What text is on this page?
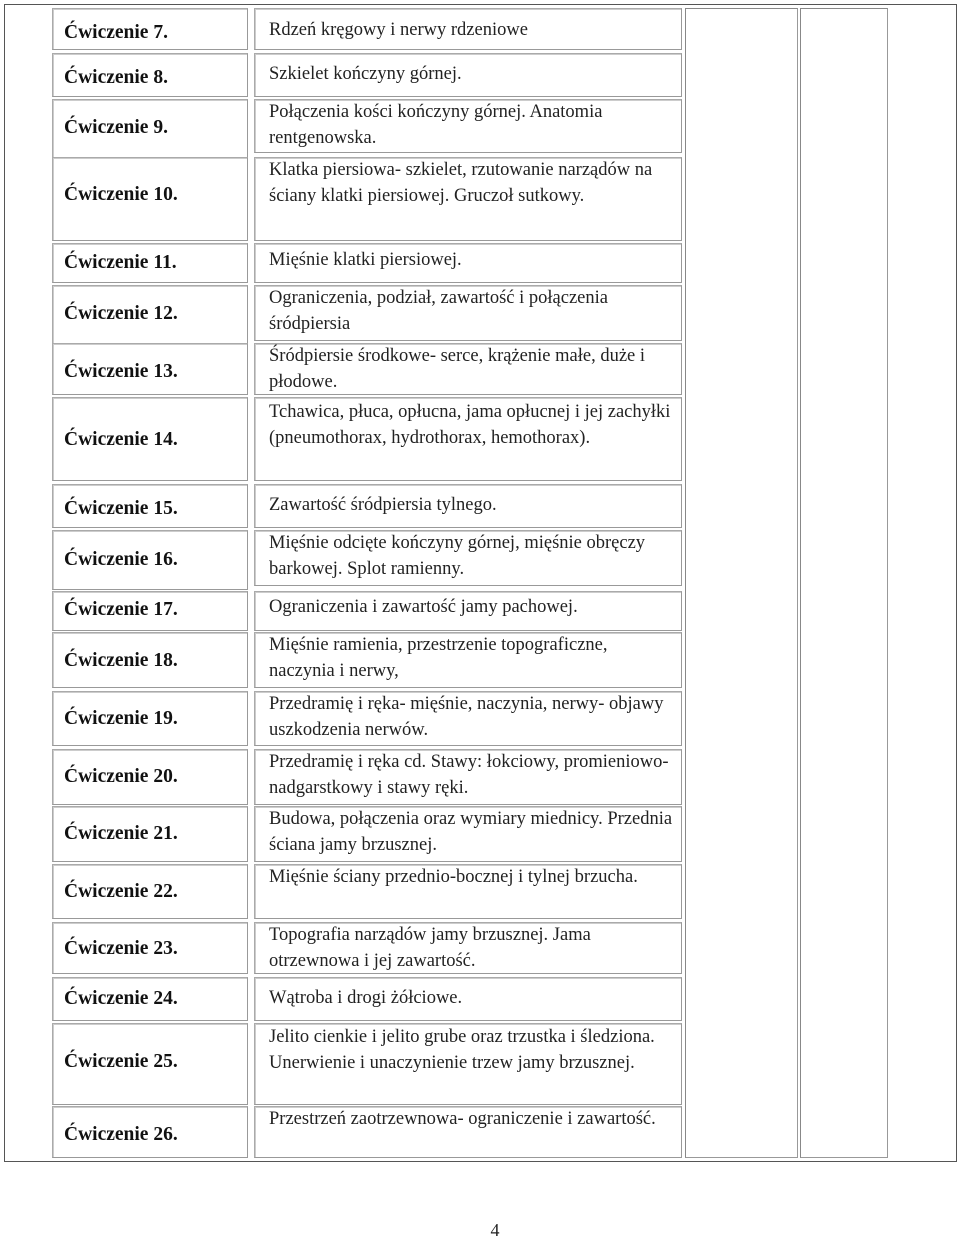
Ćwiczenie 7.
Ćwiczenie 8.
Ćwiczenie 9.
Ćwiczenie 10.
Ćwiczenie 11.
Ćwiczenie 12.
Ćwiczenie 13.
Ćwiczenie 14.
Ćwiczenie 15.
Ćwiczenie 16.
Ćwiczenie 17.
Ćwiczenie 18.
Ćwiczenie 19.
Ćwiczenie 20.
Ćwiczenie 21.
Ćwiczenie 22.
Ćwiczenie 23.
Ćwiczenie 24.
Ćwiczenie 25.
Ćwiczenie 26.
Rdzeń kręgowy i nerwy rdzeniowe
Szkielet kończyny górnej.
Połączenia kości kończyny górnej. Anatomia rentgenowska.
Klatka piersiowa- szkielet, rzutowanie narządów na ściany klatki piersiowej. Gruczoł sutkowy.
Mięśnie klatki piersiowej.
Ograniczenia, podział, zawartość i połączenia śródpiersia
Śródpiersie środkowe- serce, krążenie małe, duże i płodowe.
Tchawica, płuca, opłucna, jama opłucnej i jej zachyłki (pneumothorax, hydrothorax, hemothorax).
Zawartość śródpiersia tylnego.
Mięśnie odcięte kończyny górnej, mięśnie obręczy barkowej. Splot ramienny.
Ograniczenia i zawartość jamy pachowej.
Mięśnie ramienia, przestrzenie topograficzne, naczynia i nerwy,
Przedramię i ręka- mięśnie, naczynia, nerwy- objawy uszkodzenia nerwów.
Przedramię i ręka cd. Stawy: łokciowy, promieniowo-nadgarstkowy i stawy ręki.
Budowa, połączenia oraz wymiary miednicy. Przednia ściana jamy brzusznej.
Mięśnie ściany przednio-bocznej i tylnej brzucha.
Topografia narządów jamy brzusznej. Jama otrzewnowa i jej zawartość.
Wątroba i drogi żółciowe.
Jelito cienkie i jelito grube oraz trzustka i śledziona. Unerwienie i unaczynienie trzew jamy brzusznej.
Przestrzeń zaotrzewnowa- ograniczenie i zawartość.
4
